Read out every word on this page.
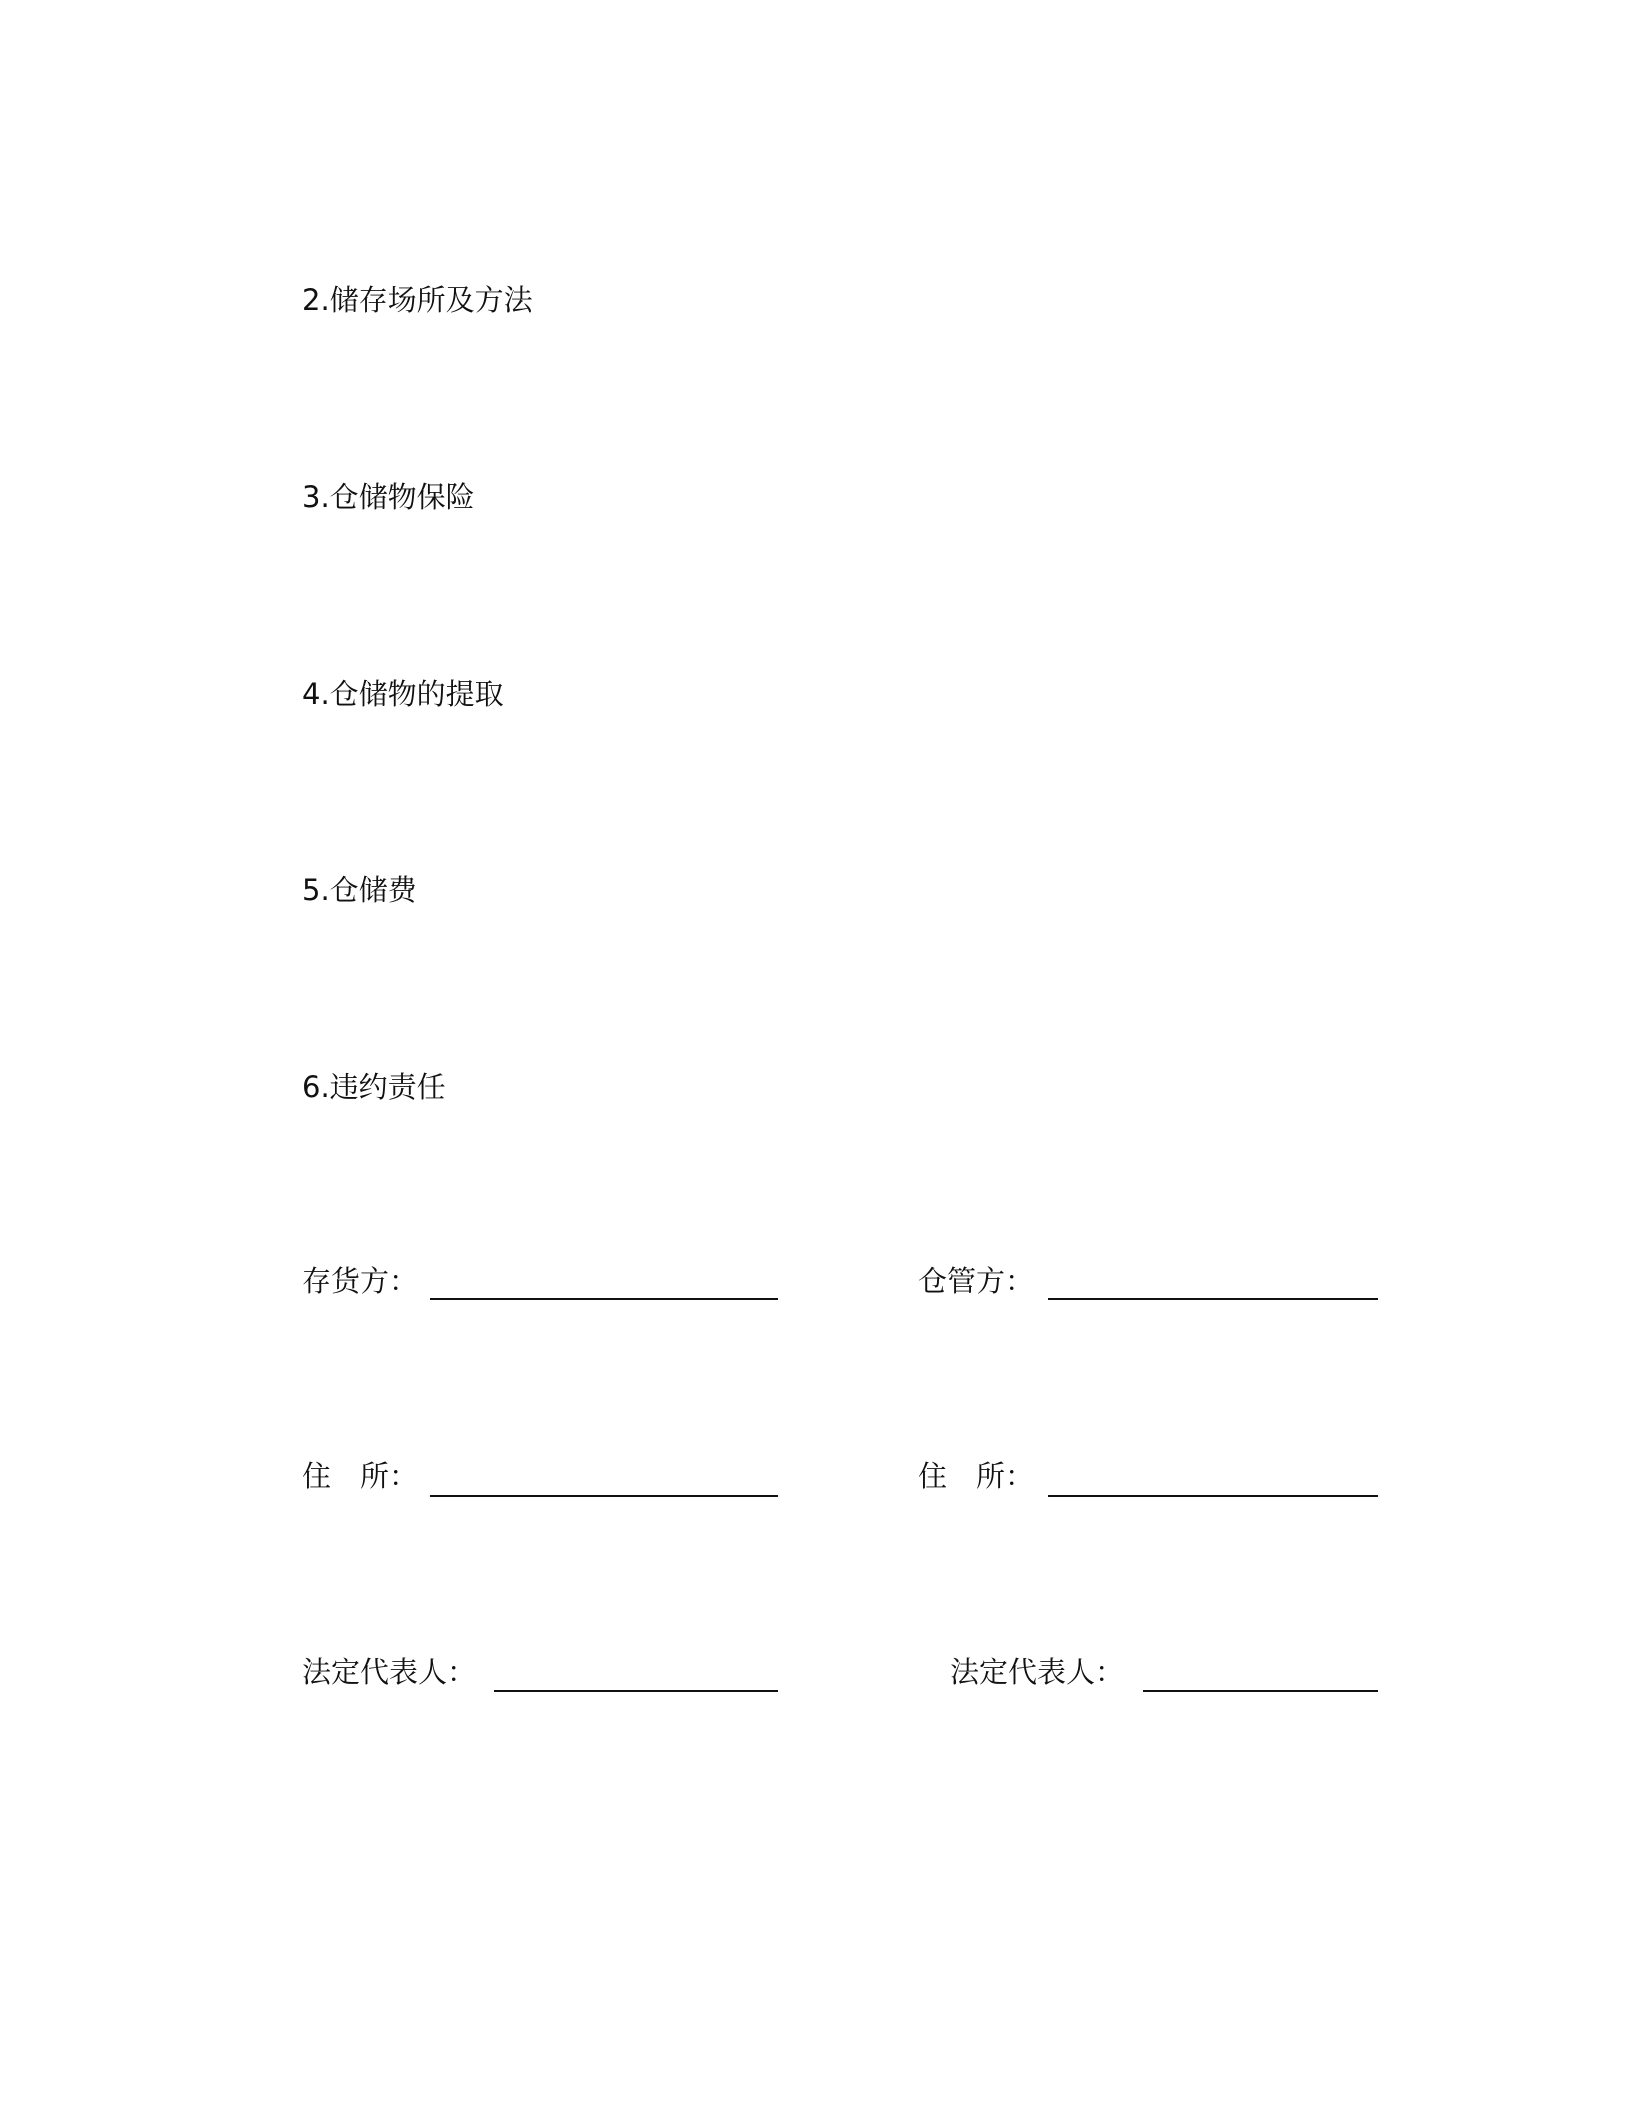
2.储存场所及方法
3.仓储物保险
4.仓储物的提取
5.仓储费
6.违约责任
存货方：	仓管方：
住　所：	住　所：
法定代表人：	法定代表人：
